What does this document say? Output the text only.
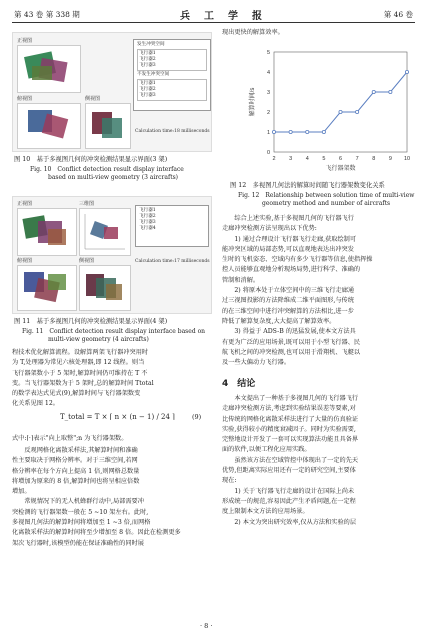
第 43 卷 第 338 期	兵　工　学　报	第 46 卷
正视图
俯视图	侧视图
发生冲突空间
飞行器1
飞行器2
飞行器3
不发生冲突空间
飞行器1
飞行器2
飞行器3
Calculation time:18 milliseconds
图 10　基于多视图几何的冲突检测结果显示界面(3 架)
Fig. 10　Conflict detection result display interface
based on multi-view geometry (3 aircrafts)
正视图	三维图
俯视图	侧视图
飞行器1
飞行器2
飞行器3
飞行器4
Calculation time:17 milliseconds
图 11　基于多视图几何的冲突检测结果显示界面(4 架)
Fig. 11　Conflict detection result display interface based on
multi-view geometry (4 aircrafts)
程技术优化解算流程。设解算两架飞行器冲突用时
为 T,处理器为常见六核处理器,即 12 线程。则当
飞行器架数小于 5 架时,解算时间仍可维持在 T 不
变。当飞行器架数为于 5 架时,总的解算时间 Ttotal
的数学表达式见式(9),解算时间与飞行器架数变
化关系见图 12。
T_total = T × ⌈ n × (n − 1) / 24 ⌉	(9)
式中:⌈·⌉表示"向上取整";n 为飞行器架数。
　　反观网格化离散采样法,其解算时间和准确
性主要取决于网格分辨率。对于三维空间,若网
格分辨率在每个方向上提高 1 倍,则网格总数量
将增加为原来的 8 倍,解算时间也将呈相应倍数
增加。
　　常规情况下的无人机蜂群行动中,局部需要冲
突检测的飞行器架数一般在 5 ~10 架左右。此时,
多视图几何法的解算时间将增加至 1 ~3 倍,而网格
化离散采样法的解算时间将至少增加至 8 倍。因此在检测更多
架次飞行器时,该模型仍能在保证准确性的同时展
现出更快的解算效率。
2 3 4 5 6 7 8 9 10
0
1
2
3
4
5
飞行器架数
解算时间/s
图 12　多视图几何法的解算时间随飞行器架数变化关系
Fig. 12　Relationship between solution time of multi-view
geometry method and number of aircrafts
　　综合上述实验,基于多视图几何的飞行器飞行
走廊冲突检测方法呈现出以下优势:
　　1) 通过合理设计飞行器飞行走廊,获取绘制可
能冲突区域的局部态势,可以直观地表达出冲突发
生时的飞机姿态、空域内有多少飞行器等信息,使指挥操
控人员能够直观地分析现场局势,进行科学、准确的
管制和消解。
　　2) 将原本处于立体空间中的三维飞行走廊通
过三视图投影的方法降维成二维平面图形,与传统
的在三维空间中进行冲突解算的方法相比,进一步
降低了解算复杂度,大大提高了解算效率。
　　3) 得益于 ADS-B 的迅猛发展,使本文方法具
有更为广泛的应用场景,既可以用于小型飞行器、民
航飞机之间的冲突检测,也可以用于滑翔机、飞艇以
及一些大偏动力飞行器。
4　结论
　　本文提出了一种基于多视图几何的飞行器飞行
走廊冲突检测方法,考虑到实验结果误差等要素,对
比传统的网格化离散采样法进行了大量的仿真验证
实验,获得较小的精度衰减因子。同时为实验需要,
完整地设计开发了一套可以实现算法功能且具备界
面的软件,以便工程化应用实践。
　　虽然该方法在空域管控中体现出了一定的先天
优势,但距离实际应用还有一定的研究空间,主要体
现在:
　　1) 关于飞行器飞行走廊的设计在国际上尚未
形成统一的规范,容易因此产生矛盾问题,在一定程
度上限制本文方法的应用场景。
　　2) 本文为突出研究效率,仅从方法和实验的层
· 8 ·
